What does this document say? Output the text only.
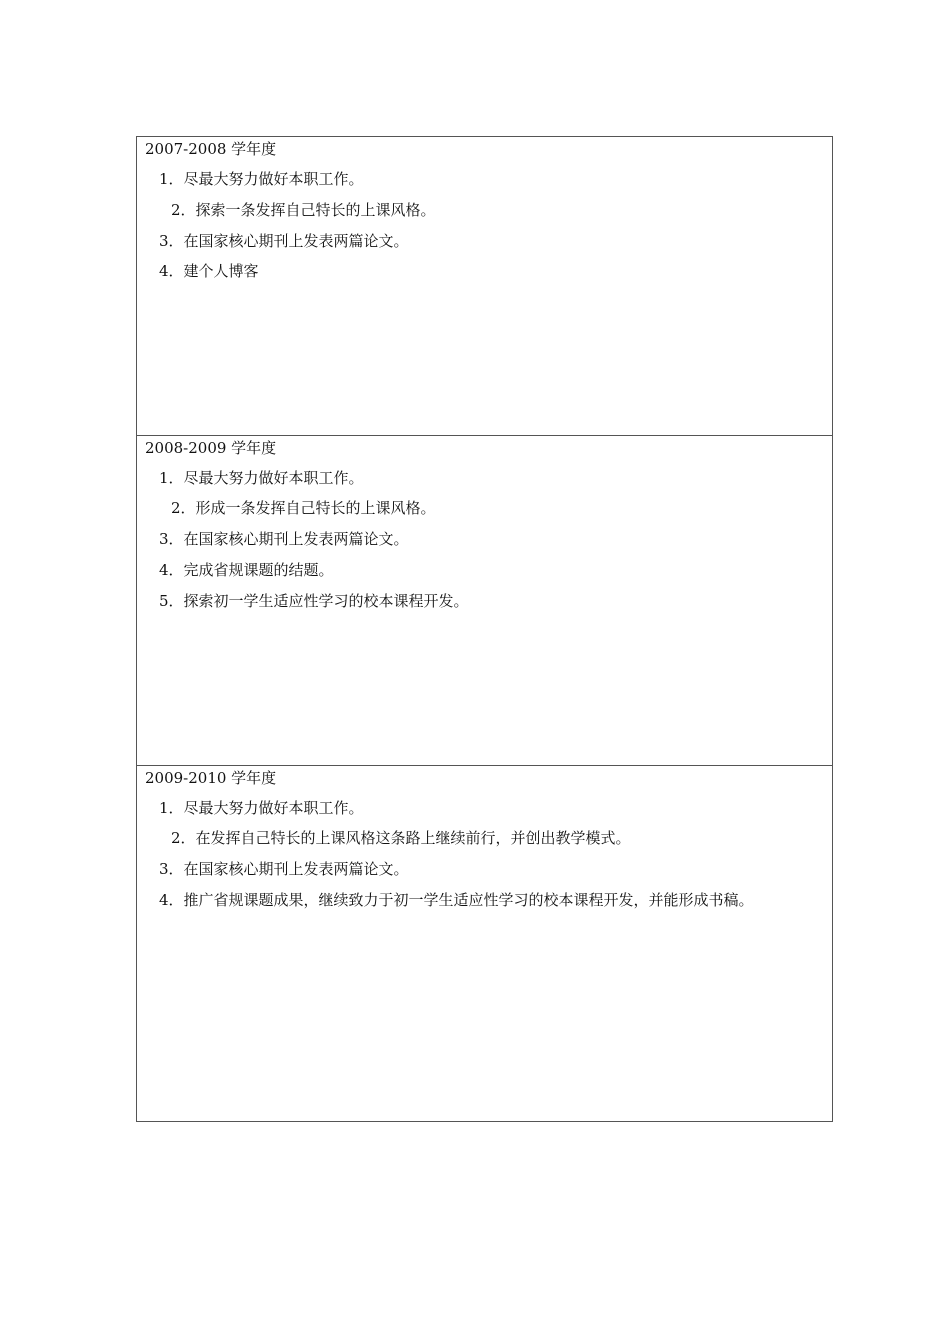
2007-2008 学年度
1．尽最大努力做好本职工作。
2．探索一条发挥自己特长的上课风格。
3．在国家核心期刊上发表两篇论文。
4．建个人博客
2008-2009 学年度
1．尽最大努力做好本职工作。
2．形成一条发挥自己特长的上课风格。
3．在国家核心期刊上发表两篇论文。
4．完成省规课题的结题。
5．探索初一学生适应性学习的校本课程开发。
2009-2010 学年度
1．尽最大努力做好本职工作。
2．在发挥自己特长的上课风格这条路上继续前行，并创出教学模式。
3．在国家核心期刊上发表两篇论文。
4．推广省规课题成果，继续致力于初一学生适应性学习的校本课程开发，并能形成书稿。
